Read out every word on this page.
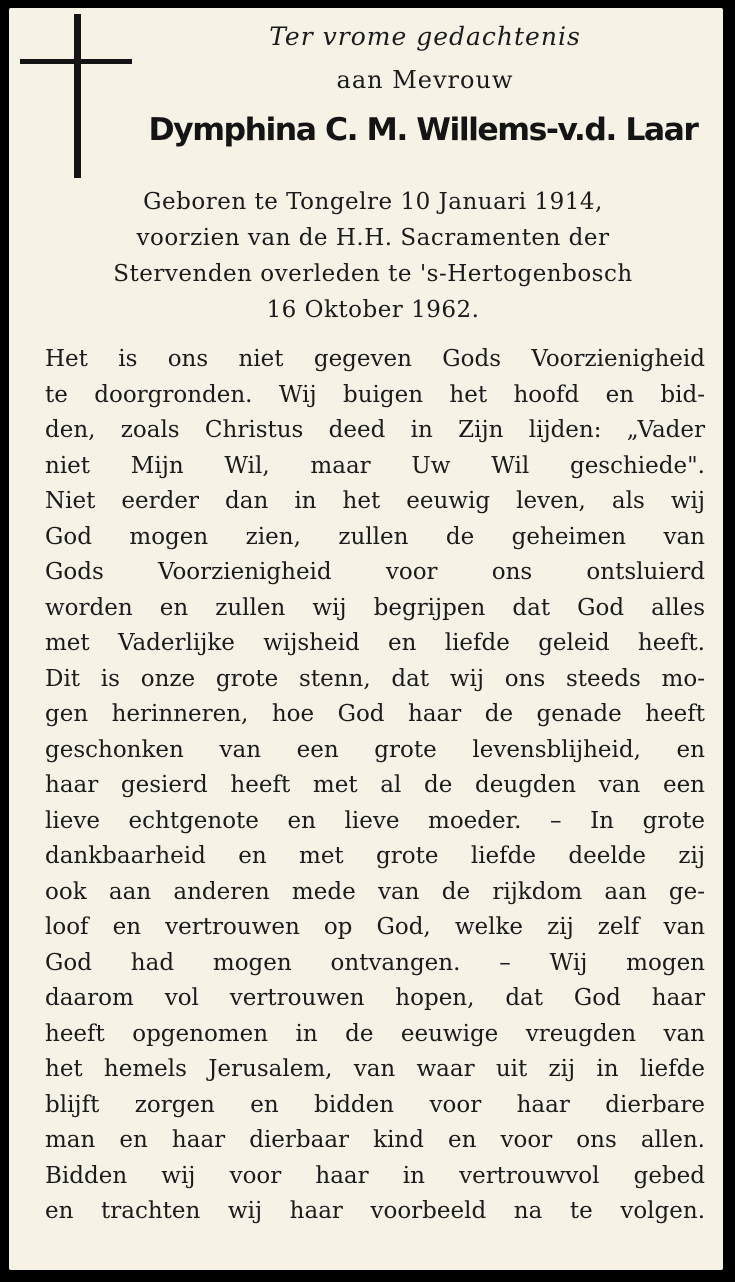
Ter vrome gedachtenis

aan Mevrouw

Dymphina C. M. Willems-v.d. Laar

Geboren te Tongelre 10 Januari 1914,
voorzien van de H.H. Sacramenten der
Stervenden overleden te 's-Hertogenbosch
16 Oktober 1962.

Het is ons niet gegeven Gods Voorzienigheid
te doorgronden. Wij buigen het hoofd en bid-
den, zoals Christus deed in Zijn lijden: „Vader
niet Mijn Wil, maar Uw Wil geschiede".
Niet eerder dan in het eeuwig leven, als wij
God mogen zien, zullen de geheimen van
Gods Voorzienigheid voor ons ontsluierd
worden en zullen wij begrijpen dat God alles
met Vaderlijke wijsheid en liefde geleid heeft.
Dit is onze grote stenn, dat wij ons steeds mo-
gen herinneren, hoe God haar de genade heeft
geschonken van een grote levensblijheid, en
haar gesierd heeft met al de deugden van een
lieve echtgenote en lieve moeder. – In grote
dankbaarheid en met grote liefde deelde zij
ook aan anderen mede van de rijkdom aan ge-
loof en vertrouwen op God, welke zij zelf van
God had mogen ontvangen. – Wij mogen
daarom vol vertrouwen hopen, dat God haar
heeft opgenomen in de eeuwige vreugden van
het hemels Jerusalem, van waar uit zij in liefde
blijft zorgen en bidden voor haar dierbare
man en haar dierbaar kind en voor ons allen.
Bidden wij voor haar in vertrouwvol gebed
en trachten wij haar voorbeeld na te volgen.
